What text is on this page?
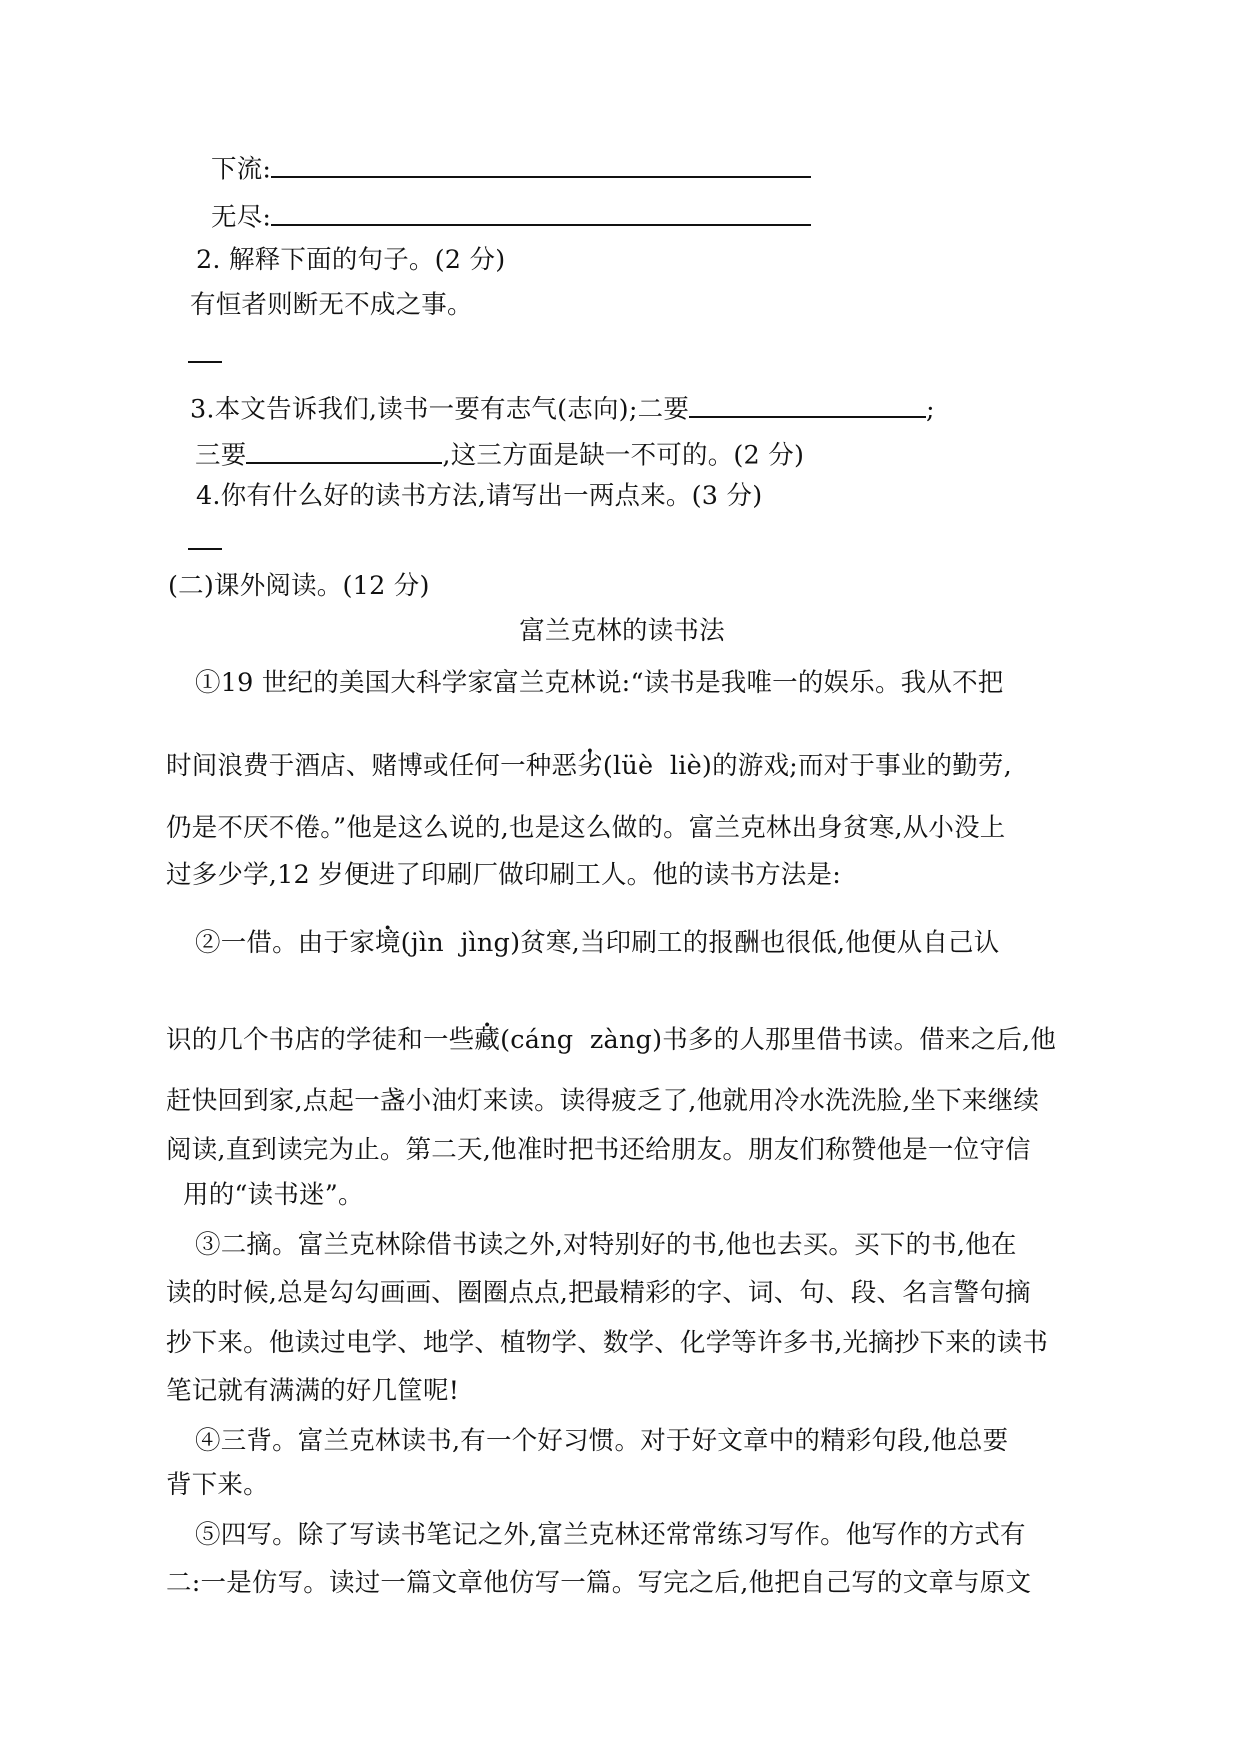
下流:
无尽:
2. 解释下面的句子。(2 分)
有恒者则断无不成之事。
3.本文告诉我们,读书一要有志气(志向);二要	;
三要	,这三方面是缺一不可的。(2 分)
4.你有什么好的读书方法,请写出一两点来。(3 分)
(二)课外阅读。(12 分)
富兰克林的读书法
①19 世纪的美国大科学家富兰克林说:“读书是我唯一的娱乐。我从不把
时间浪费于酒店、赌博或任何一种恶劣(lüè  liè)的游戏;而对于事业的勤劳,
仍是不厌不倦。”他是这么说的,也是这么做的。富兰克林出身贫寒,从小没上
过多少学,12 岁便进了印刷厂做印刷工人。他的读书方法是:
②一借。由于家境(jìn  jìng)贫寒,当印刷工的报酬也很低,他便从自己认
识的几个书店的学徒和一些藏(cáng  zàng)书多的人那里借书读。借来之后,他
赶快回到家,点起一盏小油灯来读。读得疲乏了,他就用冷水洗洗脸,坐下来继续
阅读,直到读完为止。第二天,他准时把书还给朋友。朋友们称赞他是一位守信
用的“读书迷”。
③二摘。富兰克林除借书读之外,对特别好的书,他也去买。买下的书,他在
读的时候,总是勾勾画画、圈圈点点,把最精彩的字、词、句、段、名言警句摘
抄下来。他读过电学、地学、植物学、数学、化学等许多书,光摘抄下来的读书
笔记就有满满的好几筐呢!
④三背。富兰克林读书,有一个好习惯。对于好文章中的精彩句段,他总要
背下来。
⑤四写。除了写读书笔记之外,富兰克林还常常练习写作。他写作的方式有
二:一是仿写。读过一篇文章他仿写一篇。写完之后,他把自己写的文章与原文
